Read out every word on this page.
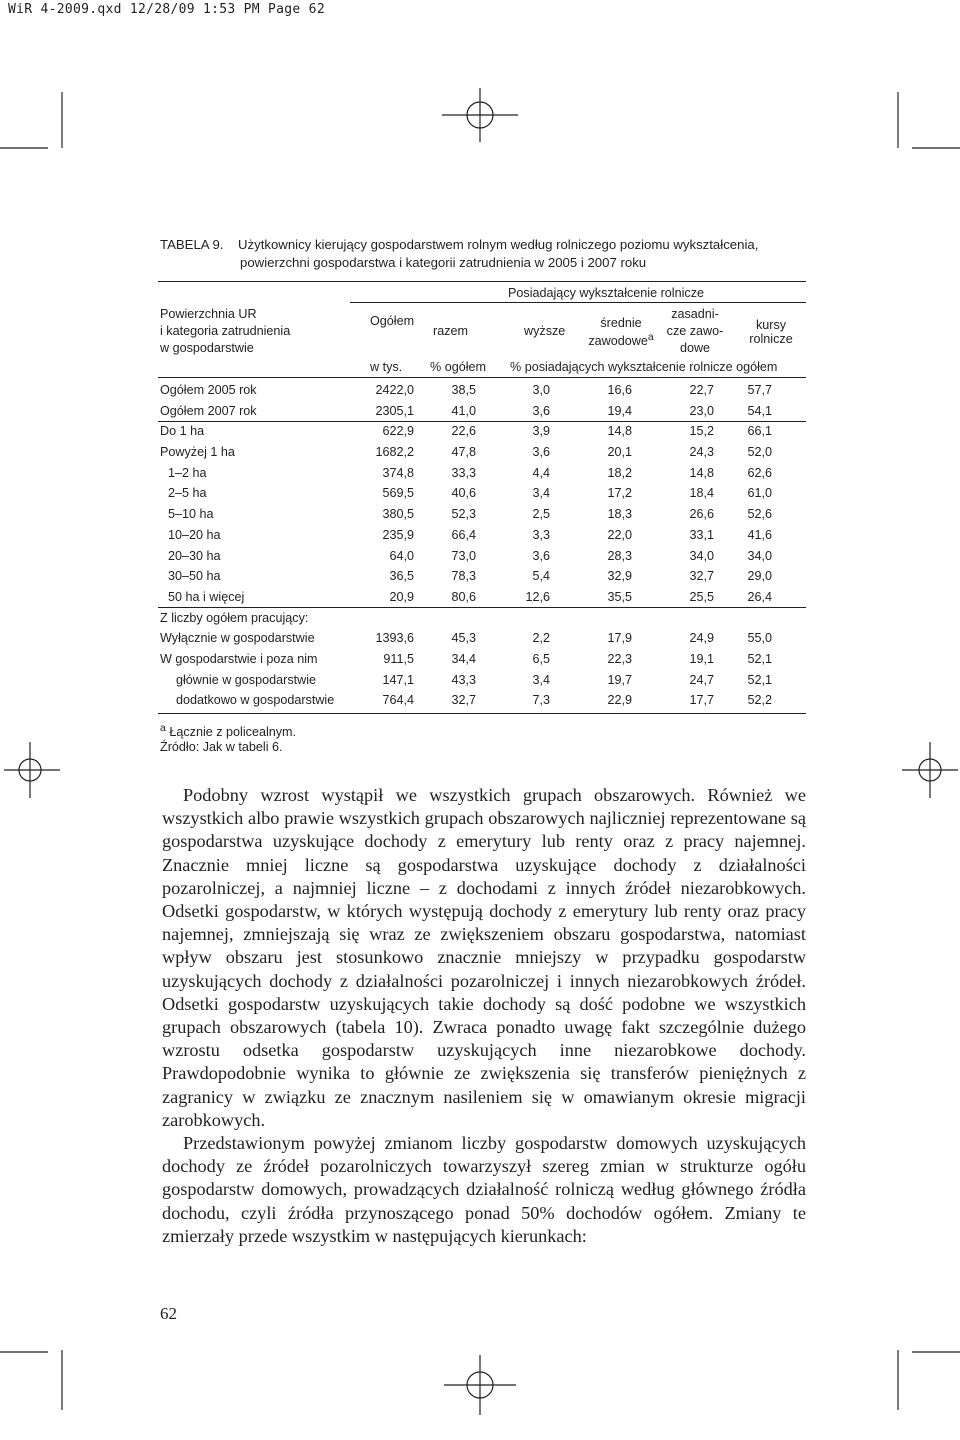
WiR 4-2009.qxd 12/28/09 1:53 PM Page 62
TABELA 9. Użytkownicy kierujący gospodarstwem rolnym według rolniczego poziomu wykształcenia,
powierzchni gospodarstwa i kategorii zatrudnienia w 2005 i 2007 roku
Powierzchnia UR
i kategoria zatrudnienia
w gospodarstwie
Ogółem
Posiadający wykształcenie rolnicze
razem	wyższe
średnie
zawodowe$^a$
zasadni-
cze zawo-
dowe
kursy
rolnicze
w tys. % ogółem % posiadających wykształcenie rolnicze ogółem
Ogółem 2005 rok	2422,0	38,5	3,0	16,6	22,7	57,7
Ogółem 2007 rok	2305,1	41,0	3,6	19,4	23,0	54,1
Do 1 ha	622,9	22,6	3,9	14,8	15,2	66,1
Powyżej 1 ha	1682,2	47,8	3,6	20,1	24,3	52,0
1–2 ha	374,8	33,3	4,4	18,2	14,8	62,6
2–5 ha	569,5	40,6	3,4	17,2	18,4	61,0
5–10 ha	380,5	52,3	2,5	18,3	26,6	52,6
10–20 ha	235,9	66,4	3,3	22,0	33,1	41,6
20–30 ha	64,0	73,0	3,6	28,3	34,0	34,0
30–50 ha	36,5	78,3	5,4	32,9	32,7	29,0
50 ha i więcej	20,9	80,6	12,6	35,5	25,5	26,4
Z liczby ogółem pracujący:
Wyłącznie w gospodarstwie	1393,6	45,3	2,2	17,9	24,9	55,0
W gospodarstwie i poza nim	911,5	34,4	6,5	22,3	19,1	52,1
głównie w gospodarstwie	147,1	43,3	3,4	19,7	24,7	52,1
dodatkowo w gospodarstwie	764,4	32,7	7,3	22,9	17,7	52,2
$^a$ Łącznie z policealnym.
Źródło: Jak w tabeli 6.

Podobny wzrost wystąpił we wszystkich grupach obszarowych. Również we wszystkich albo prawie wszystkich grupach obszarowych najliczniej reprezentowane są gospodarstwa uzyskujące dochody z emerytury lub renty oraz z pracy najemnej. Znacznie mniej liczne są gospodarstwa uzyskujące dochody z działalności pozarolniczej, a najmniej liczne – z dochodami z innych źródeł niezarobkowych. Odsetki gospodarstw, w których występują dochody z emerytury lub renty oraz pracy najemnej, zmniejszają się wraz ze zwiększeniem obszaru gospodarstwa, natomiast wpływ obszaru jest stosunkowo znacznie mniejszy w przypadku gospodarstw uzyskujących dochody z działalności pozarolniczej i innych niezarobkowych źródeł. Odsetki gospodarstw uzyskujących takie dochody są dość podobne we wszystkich grupach obszarowych (tabela 10). Zwraca ponadto uwagę fakt szczególnie dużego wzrostu odsetka gospodarstw uzyskujących inne niezarobkowe dochody. Prawdopodobnie wynika to głównie ze zwiększenia się transferów pieniężnych z zagranicy w związku ze znacznym nasileniem się w omawianym okresie migracji zarobkowych.

Przedstawionym powyżej zmianom liczby gospodarstw domowych uzyskujących dochody ze źródeł pozarolniczych towarzyszył szereg zmian w strukturze ogółu gospodarstw domowych, prowadzących działalność rolniczą według głównego źródła dochodu, czyli źródła przynoszącego ponad 50% dochodów ogółem. Zmiany te zmierzały przede wszystkim w następujących kierunkach:

62
